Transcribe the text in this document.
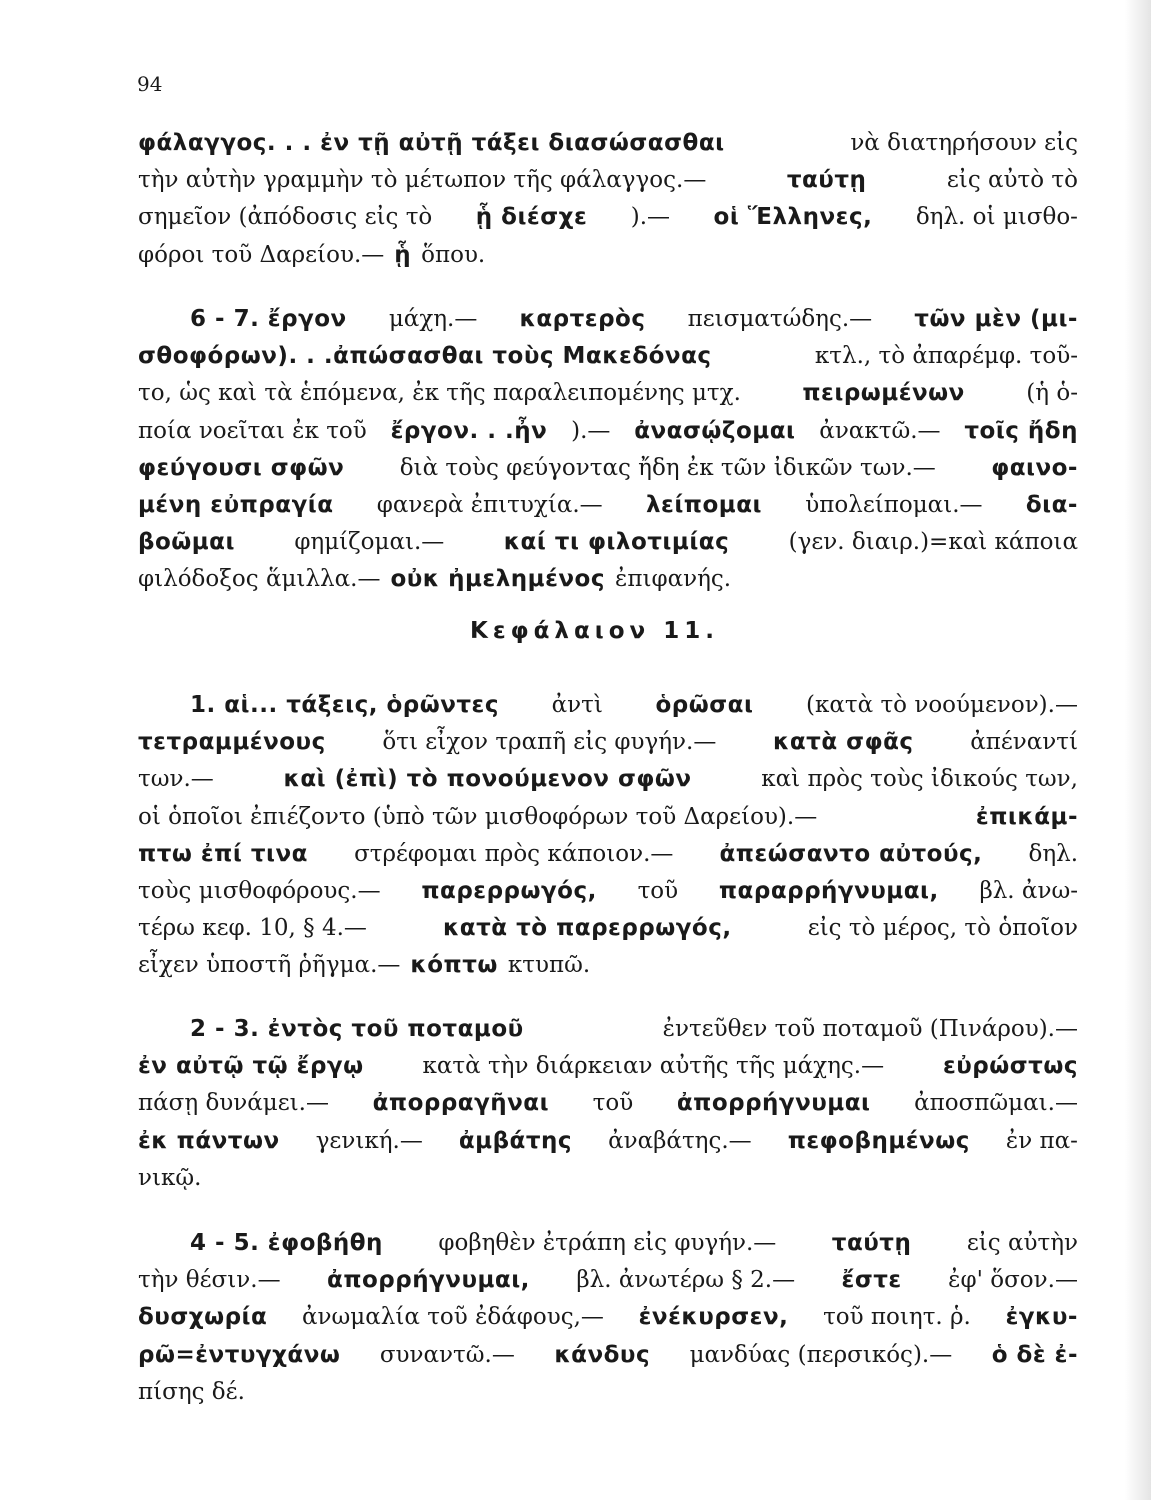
94
φάλαγγος. . . ἐν τῇ αὐτῇ τάξει διασώσασθαι	νὰ διατηρήσουν εἰς
τὴν αὐτὴν γραμμὴν τὸ μέτωπον τῆς φάλαγγος.—	ταύτῃ	εἰς αὐτὸ τὸ
σημεῖον (ἀπόδοσις εἰς τὸ ᾗ διέσχε ).— οἱ Ἕλληνες, δηλ. οἱ μισθο-
φόροι τοῦ Δαρείου.— ᾗ ὅπου.
6 - 7. ἔργον μάχη.— καρτερὸς πεισματώδης.— τῶν μὲν (μι-
σθοφόρων). . .ἀπώσασθαι τοὺς Μακεδόνας	κτλ., τὸ ἀπαρέμφ. τοῦ-
το, ὡς καὶ τὰ ἑπόμενα, ἐκ τῆς παραλειπομένης μτχ.	πειρωμένων	(ἡ ὁ-
ποία νοεῖται ἐκ τοῦ ἔργον. . .ἦν ).— ἀνασῴζομαι ἀνακτῶ.— τοῖς ἤδη
φεύγουσι σφῶν διὰ τοὺς φεύγοντας ἤδη ἐκ τῶν ἰδικῶν των.— φαινο-
μένη εὐπραγία φανερὰ ἐπιτυχία.— λείπομαι ὑπολείπομαι.— δια-
βοῶμαι	φημίζομαι.—	καί τι φιλοτιμίας	(γεν. διαιρ.)=καὶ κάποια
φιλόδοξος ἅμιλλα.— οὐκ ἠμελημένος ἐπιφανής.
1. αἱ... τάξεις, ὁρῶντες ἀντὶ ὁρῶσαι (κατὰ τὸ νοούμενον).—
τετραμμένους ὅτι εἶχον τραπῆ εἰς φυγήν.— κατὰ σφᾶς ἀπέναντί
των.—	καὶ (ἐπὶ) τὸ πονούμενον σφῶν	καὶ πρὸς τοὺς ἰδικούς των,
οἱ ὁποῖοι ἐπιέζοντο (ὑπὸ τῶν μισθοφόρων τοῦ Δαρείου).—	ἐπικάμ-
πτω ἐπί τινα στρέφομαι πρὸς κάποιον.— ἀπεώσαντο αὐτούς, δηλ.
τοὺς μισθοφόρους.— παρερρωγός, τοῦ παραρρήγνυμαι, βλ. ἀνω-
τέρω κεφ. 10, § 4.—	κατὰ τὸ παρερρωγός,	εἰς τὸ μέρος, τὸ ὁποῖον
εἶχεν ὑποστῆ ῥῆγμα.— κόπτω κτυπῶ.
2 - 3. ἐντὸς τοῦ ποταμοῦ	ἐντεῦθεν τοῦ ποταμοῦ (Πινάρου).—
ἐν αὐτῷ τῷ ἔργῳ	κατὰ τὴν διάρκειαν αὐτῆς τῆς μάχης.—	εὐρώστως
πάσῃ δυνάμει.— ἀπορραγῆναι τοῦ ἀπορρήγνυμαι ἀποσπῶμαι.—
ἐκ πάντων γενική.— ἀμβάτης ἀναβάτης.— πεφοβημένως ἐν πα-
νικῷ.
4 - 5. ἐφοβήθη φοβηθὲν ἐτράπη εἰς φυγήν.— ταύτῃ εἰς αὐτὴν
τὴν θέσιν.— ἀπορρήγνυμαι, βλ. ἀνωτέρω § 2.— ἔστε ἐφ' ὅσον.—
δυσχωρία ἀνωμαλία τοῦ ἐδάφους,— ἐνέκυρσεν, τοῦ ποιητ. ῥ. ἐγκυ-
ρῶ=ἐντυγχάνω συναντῶ.— κάνδυς μανδύας (περσικός).— ὁ δὲ ἐ-
πίσης δέ.
Κεφάλαιον 11.
